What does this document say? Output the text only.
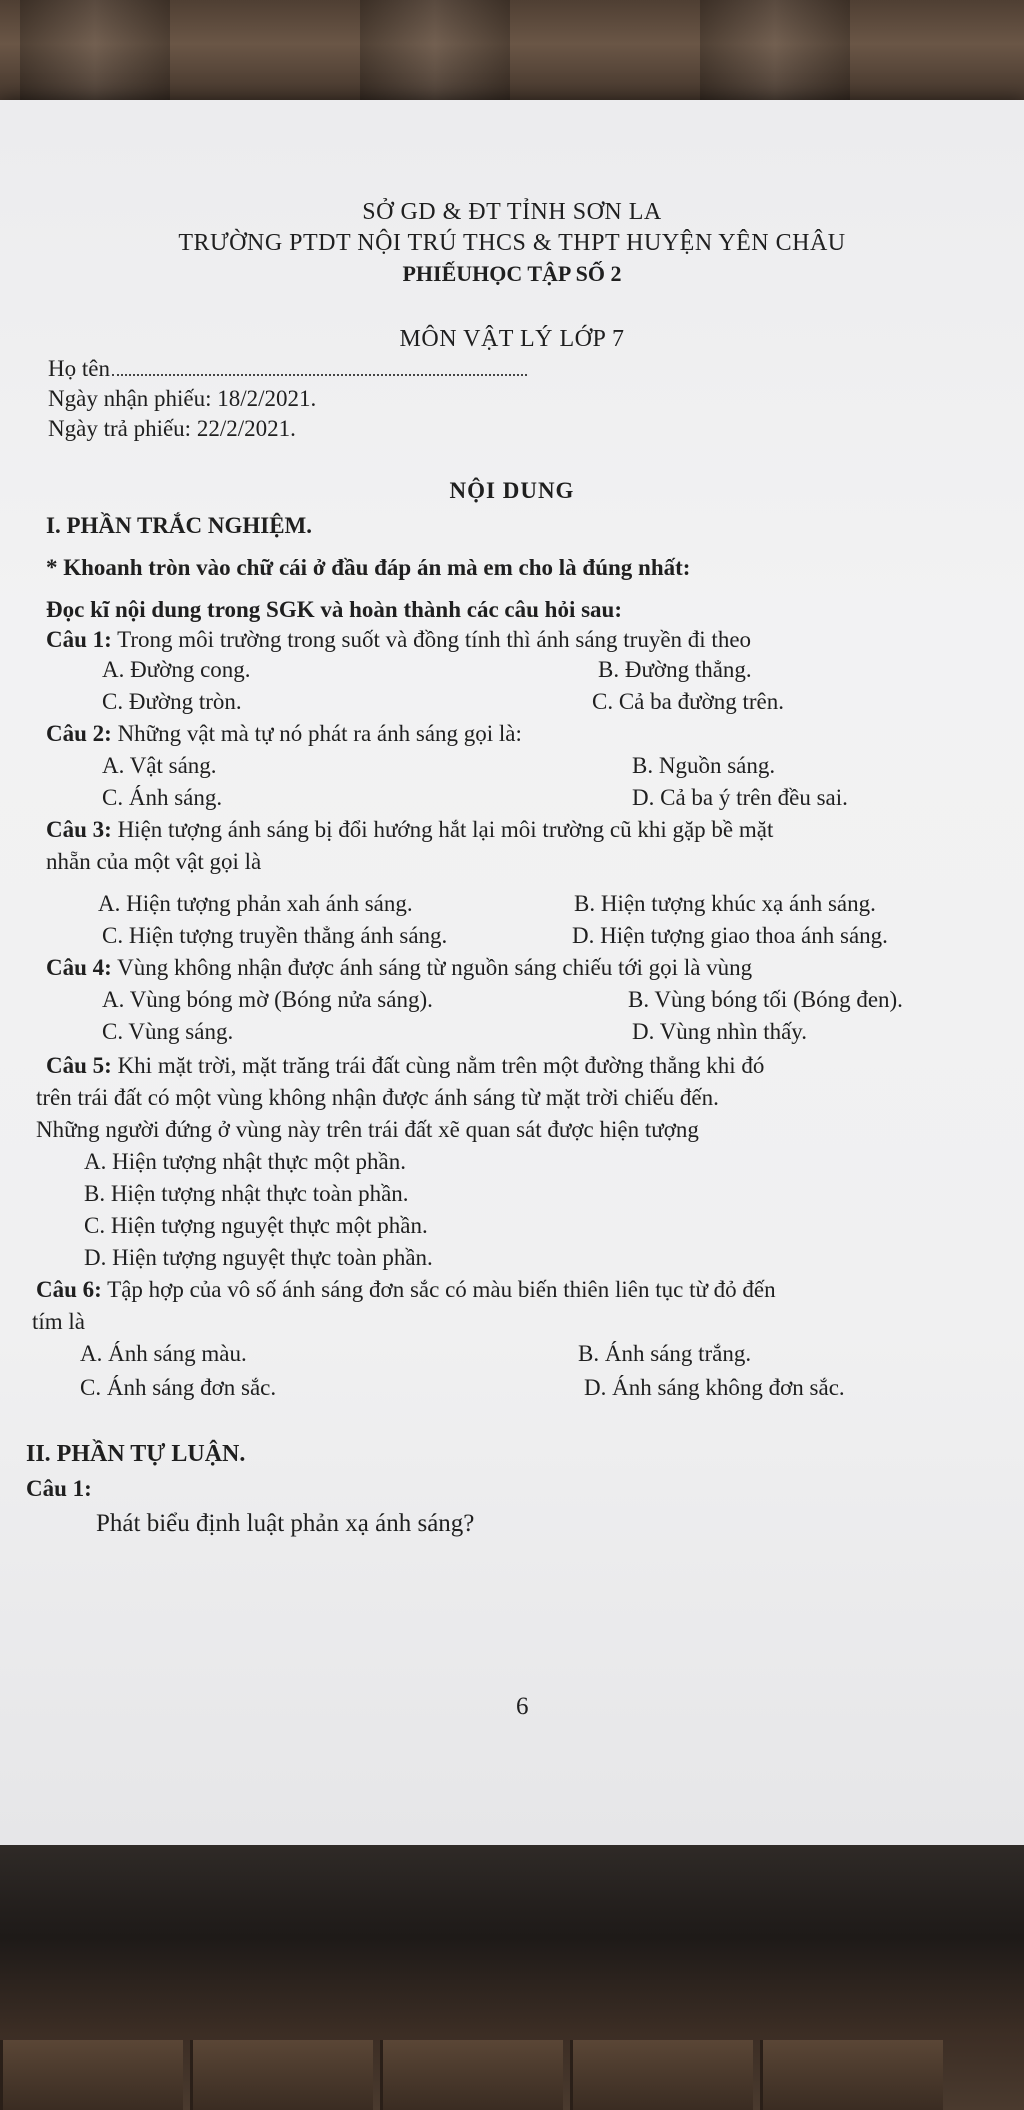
SỞ GD & ĐT TỈNH SƠN LA
TRƯỜNG PTDT NỘI TRÚ THCS & THPT HUYỆN YÊN CHÂU
PHIẾUHỌC TẬP SỐ 2
MÔN VẬT LÝ LỚP 7
Họ tên
Ngày nhận phiếu: 18/2/2021.
Ngày trả phiếu: 22/2/2021.
NỘI DUNG
I. PHẦN TRẮC NGHIỆM.
* Khoanh tròn vào chữ cái ở đầu đáp án mà em cho là đúng nhất:
Đọc kĩ nội dung trong SGK và hoàn thành các câu hỏi sau:
Câu 1: Trong môi trường trong suốt và đồng tính thì ánh sáng truyền đi theo
A. Đường cong.	B. Đường thẳng.
C. Đường tròn.	C. Cả ba đường trên.
Câu 2: Những vật mà tự nó phát ra ánh sáng gọi là:
A. Vật sáng.	B. Nguồn sáng.
C. Ánh sáng.	D. Cả ba ý trên đều sai.
Câu 3: Hiện tượng ánh sáng bị đổi hướng hắt lại môi trường cũ khi gặp bề mặt
nhẵn của một vật gọi là
A. Hiện tượng phản xah ánh sáng.	B. Hiện tượng khúc xạ ánh sáng.
C. Hiện tượng truyền thẳng ánh sáng.	D. Hiện tượng giao thoa ánh sáng.
Câu 4: Vùng không nhận được ánh sáng từ nguồn sáng chiếu tới gọi là vùng
A. Vùng bóng mờ (Bóng nửa sáng).	B. Vùng bóng tối (Bóng đen).
C. Vùng sáng.	D. Vùng nhìn thấy.
Câu 5: Khi mặt trời, mặt trăng trái đất cùng nằm trên một đường thẳng khi đó
trên trái đất có một vùng không nhận được ánh sáng từ mặt trời chiếu đến.
Những người đứng ở vùng này trên trái đất xẽ quan sát được hiện tượng
A. Hiện tượng nhật thực một phần.
B. Hiện tượng nhật thực toàn phần.
C. Hiện tượng nguyệt thực một phần.
D. Hiện tượng nguyệt thực toàn phần.
Câu 6: Tập hợp của vô số ánh sáng đơn sắc có màu biến thiên liên tục từ đỏ đến
tím là
A. Ánh sáng màu.	B. Ánh sáng trắng.
C. Ánh sáng đơn sắc.	D. Ánh sáng không đơn sắc.
II. PHẦN TỰ LUẬN.
Câu 1:
Phát biểu định luật phản xạ ánh sáng?
6
